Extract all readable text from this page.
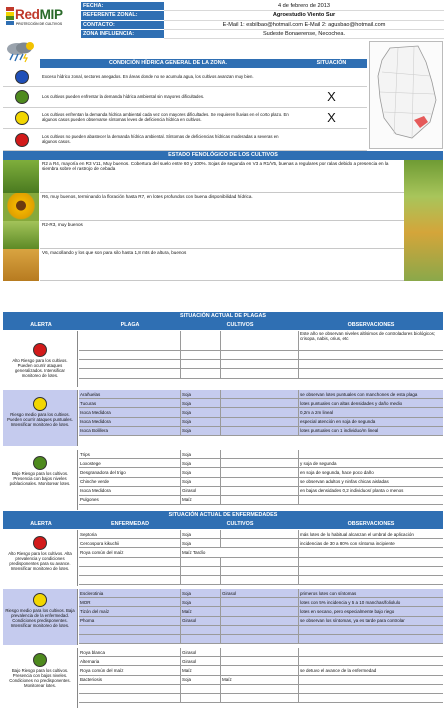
RedMIP
PROTECCIÓN DE CULTIVOS
FECHA:	4 de febrero de 2013
REFERENTE ZONAL:	Agroestudio Viento Sur
CONTACTO:	E-Mail 1: esbilbao@hotmail.com E-Mail 2: agusbao@hotmail.com
ZONA INFLUENCIA:	Sudeste Bonaerense, Necochea.
CONDICIÓN HÍDRICA GENERAL DE LA ZONA.	SITUACIÓN
Exceso hídrico zonal, sectores anegados. En áreas donde no se acumula agua, los cultivos avanzan muy bien.
Los cultivos pueden enfrentar la demanda hídrica ambiental sin mayores dificultades.	X
Los cultivos enfrentan la demanda hídrica ambiental cada vez con mayores dificultades. Se requieren lluvias en el corto plazo. En algunos casos pueden observarse síntomas leves de deficiencia hídrica en cultivos.	X
Los cultivos no pueden abastecer la demanda hídrica ambiental. Síntomas de deficiencias hídricas moderadas a severas en algunos casos.
ESTADO FENOLÓGICO DE LOS CULTIVOS
R2 a R4, mayoría en R3 V11, Muy buenos. Cobertura del suelo entre 60 y 100%. Sojas de segunda en V3 a R1/V5, buenas a regulares por ralas debido a presencia en la siembra sobre el rastrojo de cebada
R6, muy buenos, terminando la floración hasta R7, en lotes profundos con buena disponibilidad hídrica.
R2-R3, muy buenos
V6, macollando y los que son para silo hasta 1,8 mts de altura, buenos
SITUACIÓN ACTUAL DE PLAGAS
ALERTA	PLAGA	CULTIVOS	OBSERVACIONES
Alto Riesgo para los cultivos. Pueden ocurrir ataques generalizados. Intensificar monitoreo de lotes.
Este año se observan niveles altísimos de controladores biológicos; crisopa, nabis, orius, etc
Riesgo medio para los cultivos. Pueden ocurrir ataques puntuales. Intensificar monitoreo de lotes.
Arañuelas	Soja	se observan lotes puntuales con manchones de esta plaga
Tucuras	Soja	lotes puntuales con altas densidades y daño medio
Isoca Medidora	Soja	0,2m a 2m lineal
Isoca Medidora	Soja	especial atención en soja de segunda
Isoca Bolillera	Soja	lotes puntuales con 1 individuo/m lineal
Bajo Riesgo para los cultivos. Presencia con bajos niveles poblacionales. Monitorear lotes.
Trips	Soja
Loxostege	Soja	y soja de segunda
Desgranadora del trigo	Soja	en soja de segunda, hace poco daño
Chinche verde	Soja	se observan adultos y ninfas chicas aisladas
Isoca Medidora	Girasol	en bajas densidades 0,2 individuos/ planta o menos
Pulgones	Maíz
SITUACIÓN ACTUAL DE ENFERMEDADES
ALERTA	ENFERMEDAD	CULTIVOS	OBSERVACIONES
Alto Riesgo para los cultivos. Alta prevalencia y condiciones predisponentes para su avance. Intensificar monitoreo de lotes.
Septoria	Soja	más lotes de lo habitual alcanzan el umbral de aplicación
Cercospora kikuchii	Soja	incidencias de 30 a 80% con síntoma incipiente
Roya común del maíz	Maíz Tardío
Riesgo medio para los cultivos. Baja prevalencia de la enfermedad. Condiciones predisponentes. Intensificar monitoreo de lotes.
Esclerotinia	Soja	Girasol	primeros lotes con síntomas
MOR	Soja	lotes con 5% incidencia y 5 a 10 manchas/foliolulo
Tizón del maíz	Maíz	lotes en secano, pero especialmente bajo riego
Phoma	Girasol	se observan los síntomas, ya es tarde para controlar
Bajo Riesgo para los cultivos. Presencia con bajos niveles. Condiciones no predisponentes. Monitorear lotes.
Roya blanca	Girasol
Alternaria	Girasol
Roya común del maíz	Maíz	se detuvo el avance de la enfermedad
Bacteriosis	Soja	Maíz
